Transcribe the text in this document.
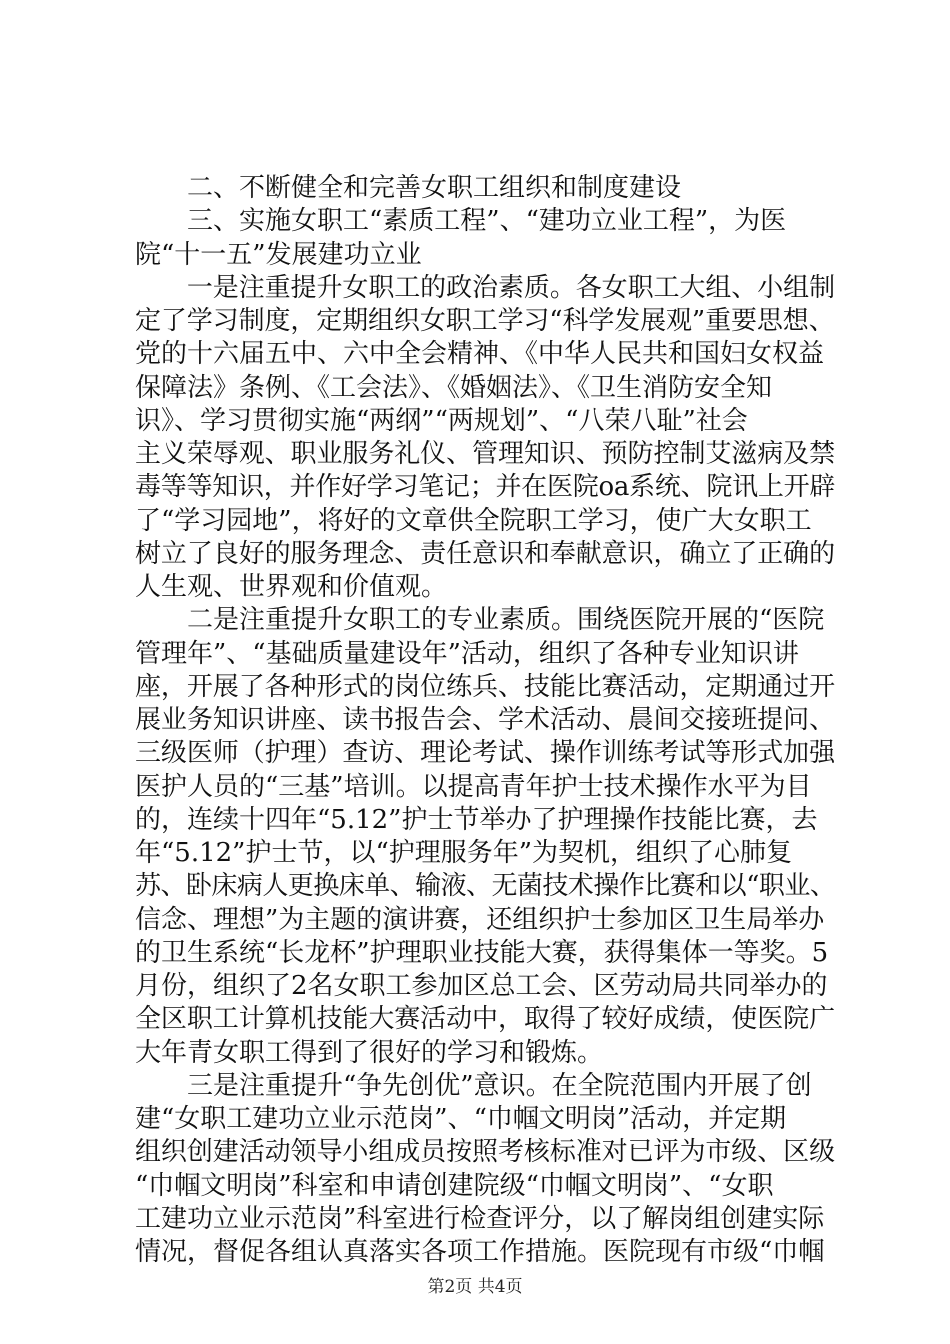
　　二、不断健全和完善女职工组织和制度建设
　　三、实施女职工“素质工程”、“建功立业工程”，为医
院“十一五”发展建功立业
　　一是注重提升女职工的政治素质。各女职工大组、小组制
定了学习制度，定期组织女职工学习“科学发展观”重要思想、
党的十六届五中、六中全会精神、《中华人民共和国妇女权益
保障法》条例、《工会法》、《婚姻法》、《卫生消防安全知
识》、学习贯彻实施“两纲”“两规划”、“八荣八耻”社会
主义荣辱观、职业服务礼仪、管理知识、预防控制艾滋病及禁
毒等等知识，并作好学习笔记；并在医院oa系统、院讯上开辟
了“学习园地”，将好的文章供全院职工学习，使广大女职工
树立了良好的服务理念、责任意识和奉献意识，确立了正确的
人生观、世界观和价值观。
　　二是注重提升女职工的专业素质。围绕医院开展的“医院
管理年”、“基础质量建设年”活动，组织了各种专业知识讲
座，开展了各种形式的岗位练兵、技能比赛活动，定期通过开
展业务知识讲座、读书报告会、学术活动、晨间交接班提问、
三级医师（护理）查访、理论考试、操作训练考试等形式加强
医护人员的“三基”培训。以提高青年护士技术操作水平为目
的，连续十四年“5.12”护士节举办了护理操作技能比赛，去
年“5.12”护士节，以“护理服务年”为契机，组织了心肺复
苏、卧床病人更换床单、输液、无菌技术操作比赛和以“职业、
信念、理想”为主题的演讲赛，还组织护士参加区卫生局举办
的卫生系统“长龙杯”护理职业技能大赛，获得集体一等奖。5
月份，组织了2名女职工参加区总工会、区劳动局共同举办的
全区职工计算机技能大赛活动中，取得了较好成绩，使医院广
大年青女职工得到了很好的学习和锻炼。
　　三是注重提升“争先创优”意识。在全院范围内开展了创
建“女职工建功立业示范岗”、“巾帼文明岗”活动，并定期
组织创建活动领导小组成员按照考核标准对已评为市级、区级
“巾帼文明岗”科室和申请创建院级“巾帼文明岗”、“女职
工建功立业示范岗”科室进行检查评分，以了解岗组创建实际
情况，督促各组认真落实各项工作措施。医院现有市级“巾帼
第2页 共4页
